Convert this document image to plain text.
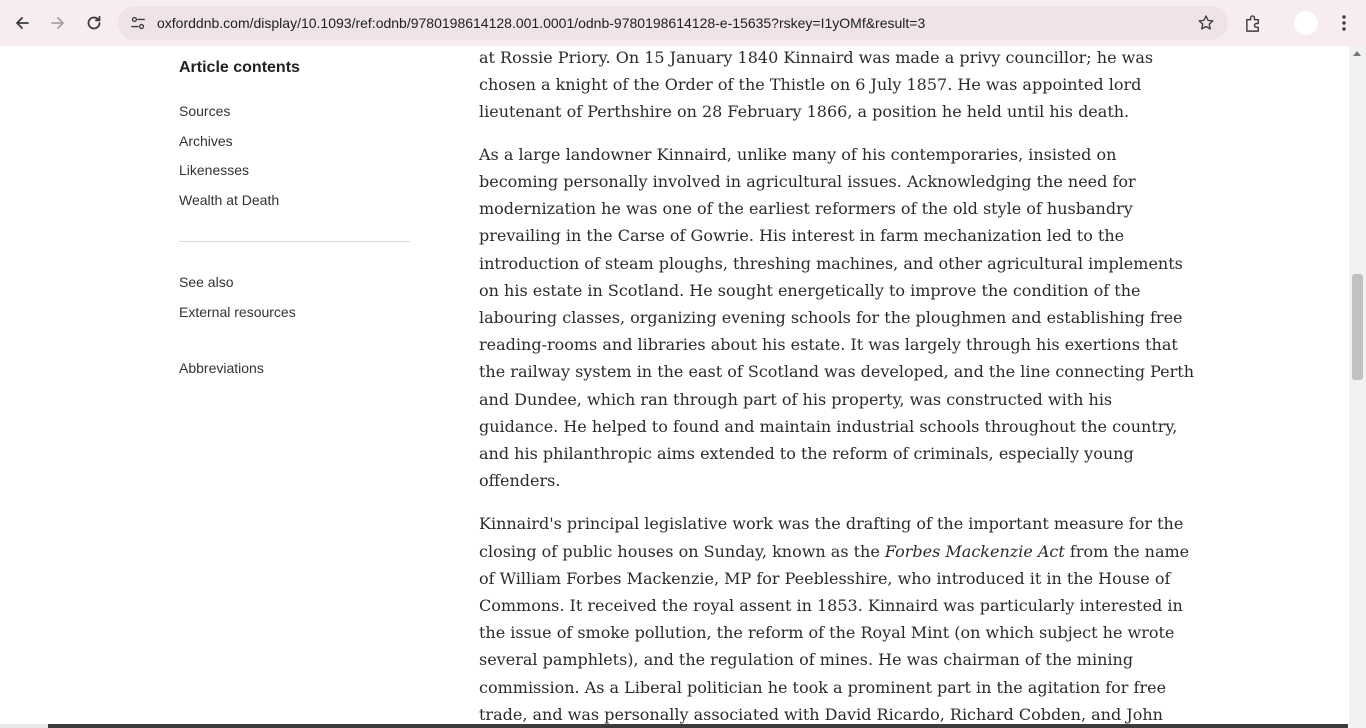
oxforddnb.com/display/10.1093/ref:odnb/9780198614128.001.0001/odnb-9780198614128-e-15635?rskey=I1yOMf&result=3
Article contents
Sources
Archives
Likenesses
Wealth at Death
See also
External resources
Abbreviations
at Rossie Priory. On 15 January 1840 Kinnaird was made a privy councillor; he was
chosen a knight of the Order of the Thistle on 6 July 1857. He was appointed lord
lieutenant of Perthshire on 28 February 1866, a position he held until his death.
As a large landowner Kinnaird, unlike many of his contemporaries, insisted on
becoming personally involved in agricultural issues. Acknowledging the need for
modernization he was one of the earliest reformers of the old style of husbandry
prevailing in the Carse of Gowrie. His interest in farm mechanization led to the
introduction of steam ploughs, threshing machines, and other agricultural implements
on his estate in Scotland. He sought energetically to improve the condition of the
labouring classes, organizing evening schools for the ploughmen and establishing free
reading-rooms and libraries about his estate. It was largely through his exertions that
the railway system in the east of Scotland was developed, and the line connecting Perth
and Dundee, which ran through part of his property, was constructed with his
guidance. He helped to found and maintain industrial schools throughout the country,
and his philanthropic aims extended to the reform of criminals, especially young
offenders.
Kinnaird's principal legislative work was the drafting of the important measure for the
closing of public houses on Sunday, known as the Forbes Mackenzie Act from the name
of William Forbes Mackenzie, MP for Peeblesshire, who introduced it in the House of
Commons. It received the royal assent in 1853. Kinnaird was particularly interested in
the issue of smoke pollution, the reform of the Royal Mint (on which subject he wrote
several pamphlets), and the regulation of mines. He was chairman of the mining
commission. As a Liberal politician he took a prominent part in the agitation for free
trade, and was personally associated with David Ricardo, Richard Cobden, and John
